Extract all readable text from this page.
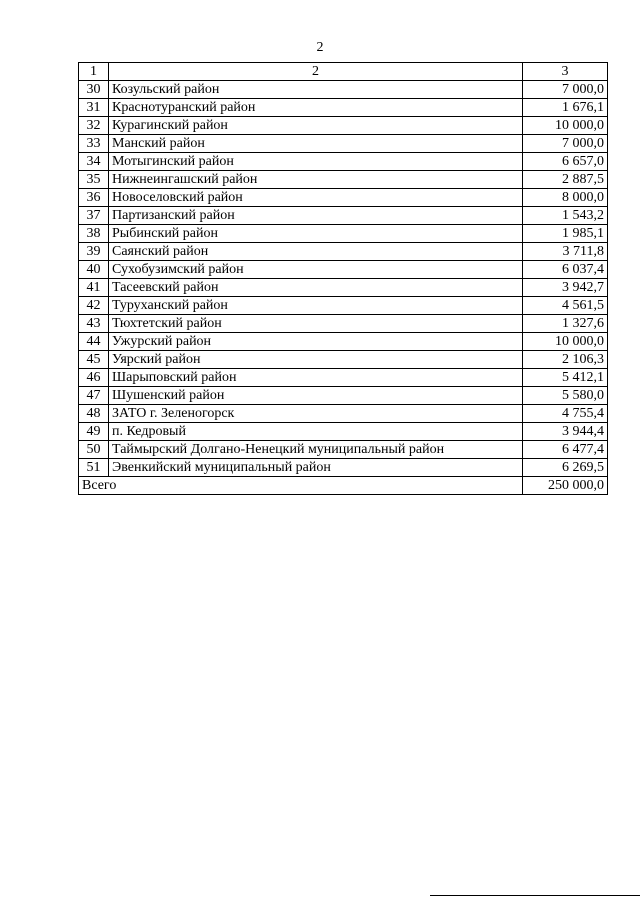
2
1	2	3
30	Козульский район	7 000,0
31	Краснотуранский район	1 676,1
32	Курагинский район	10 000,0
33	Манский район	7 000,0
34	Мотыгинский район	6 657,0
35	Нижнеингашский район	2 887,5
36	Новоселовский район	8 000,0
37	Партизанский район	1 543,2
38	Рыбинский район	1 985,1
39	Саянский район	3 711,8
40	Сухобузимский район	6 037,4
41	Тасеевский район	3 942,7
42	Туруханский район	4 561,5
43	Тюхтетский район	1 327,6
44	Ужурский район	10 000,0
45	Уярский район	2 106,3
46	Шарыповский район	5 412,1
47	Шушенский район	5 580,0
48	ЗАТО г. Зеленогорск	4 755,4
49	п. Кедровый	3 944,4
50	Таймырский Долгано-Ненецкий муниципальный район	6 477,4
51	Эвенкийский муниципальный район	6 269,5
Всего		250 000,0
